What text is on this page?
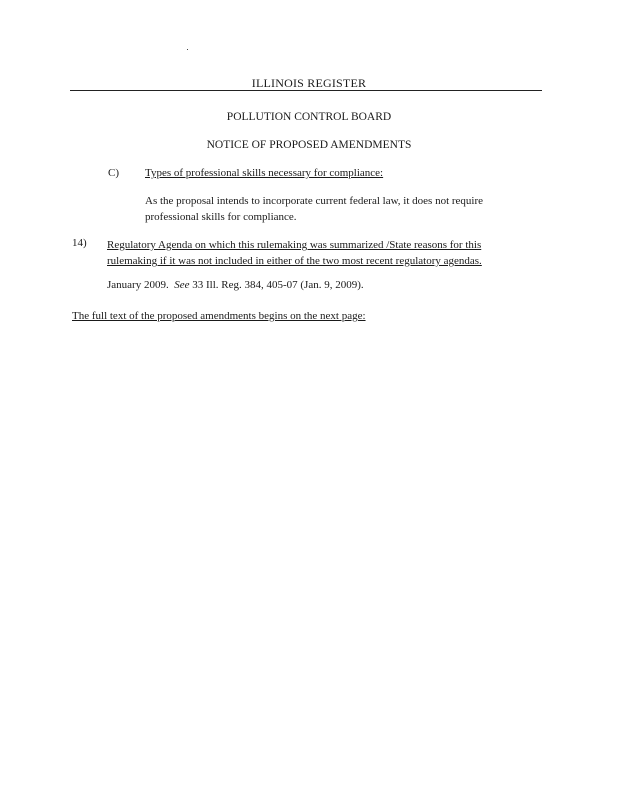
ILLINOIS REGISTER
POLLUTION CONTROL BOARD
NOTICE OF PROPOSED AMENDMENTS
C) Types of professional skills necessary for compliance:
As the proposal intends to incorporate current federal law, it does not require professional skills for compliance.
14) Regulatory Agenda on which this rulemaking was summarized /State reasons for this rulemaking if it was not included in either of the two most recent regulatory agendas.
January 2009. See 33 Ill. Reg. 384, 405-07 (Jan. 9, 2009).
The full text of the proposed amendments begins on the next page:
